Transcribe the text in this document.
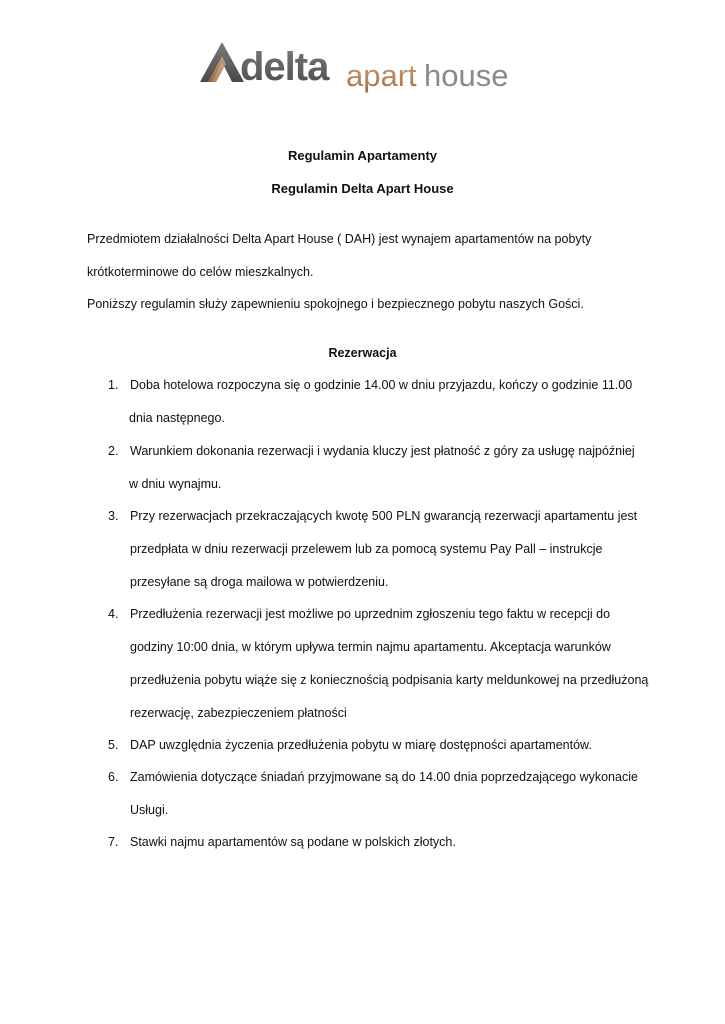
delta apart house
Regulamin Apartamenty
Regulamin Delta Apart House
Przedmiotem działalności Delta Apart House ( DAH) jest wynajem apartamentów na pobyty
krótkoterminowe do celów mieszkalnych.
Poniższy regulamin służy zapewnieniu spokojnego i bezpiecznego pobytu naszych Gości.
Rezerwacja
1. Doba hotelowa rozpoczyna się o godzinie 14.00 w dniu przyjazdu, kończy o godzinie 11.00
dnia następnego.
2. Warunkiem dokonania rezerwacji i wydania kluczy jest płatność z góry za usługę najpóźniej
w dniu wynajmu.
3. Przy rezerwacjach przekraczających kwotę 500 PLN gwarancją rezerwacji apartamentu jest
przedpłata w dniu rezerwacji przelewem lub za pomocą systemu Pay Pall – instrukcje
przesyłane są droga mailowa w potwierdzeniu.
4. Przedłużenia rezerwacji jest możliwe po uprzednim zgłoszeniu tego faktu w recepcji do
godziny 10:00 dnia, w którym upływa termin najmu apartamentu. Akceptacja warunków
przedłużenia pobytu wiąże się z koniecznością podpisania karty meldunkowej na przedłużoną
rezerwację, zabezpieczeniem płatności
5. DAP uwzględnia życzenia przedłużenia pobytu w miarę dostępności apartamentów.
6. Zamówienia dotyczące śniadań przyjmowane są do 14.00 dnia poprzedzającego wykonacie
Usługi.
7. Stawki najmu apartamentów są podane w polskich złotych.
